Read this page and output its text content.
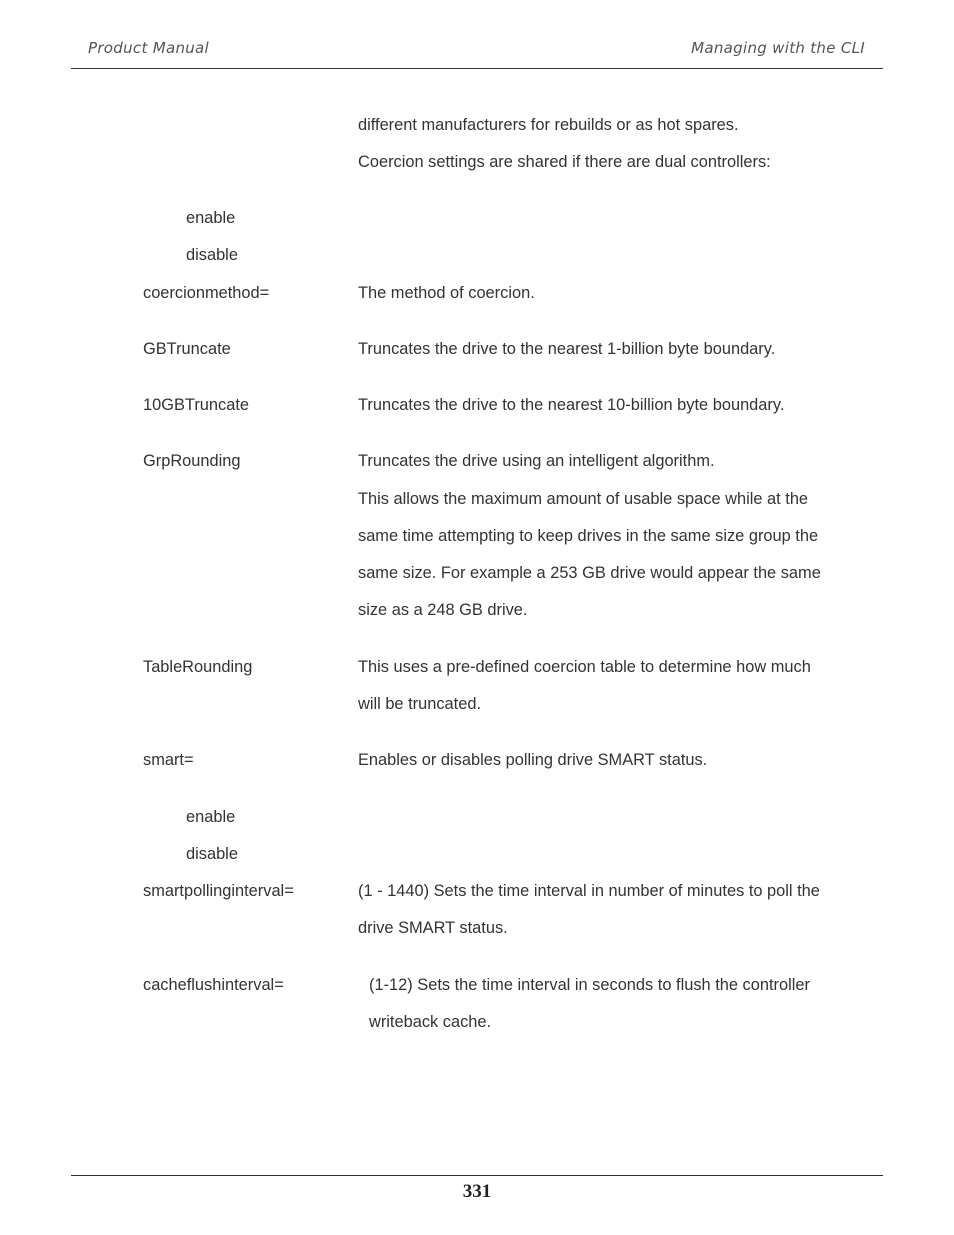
Product Manual	Managing with the CLI
different manufacturers for rebuilds or as hot spares.
Coercion settings are shared if there are dual controllers:
enable
disable
coercionmethod=	The method of coercion.
GBTruncate	Truncates the drive to the nearest 1-billion byte boundary.
10GBTruncate	Truncates the drive to the nearest 10-billion byte boundary.
GrpRounding	Truncates the drive using an intelligent algorithm.
This allows the maximum amount of usable space while at the
same time attempting to keep drives in the same size group the
same size. For example a 253 GB drive would appear the same
size as a 248 GB drive.
TableRounding	This uses a pre-defined coercion table to determine how much
will be truncated.
smart=	Enables or disables polling drive SMART status.
enable
disable
smartpollinginterval=	(1 - 1440) Sets the time interval in number of minutes to poll the
drive SMART status.
cacheflushinterval=	(1-12) Sets the time interval in seconds to flush the controller
writeback cache.
331
